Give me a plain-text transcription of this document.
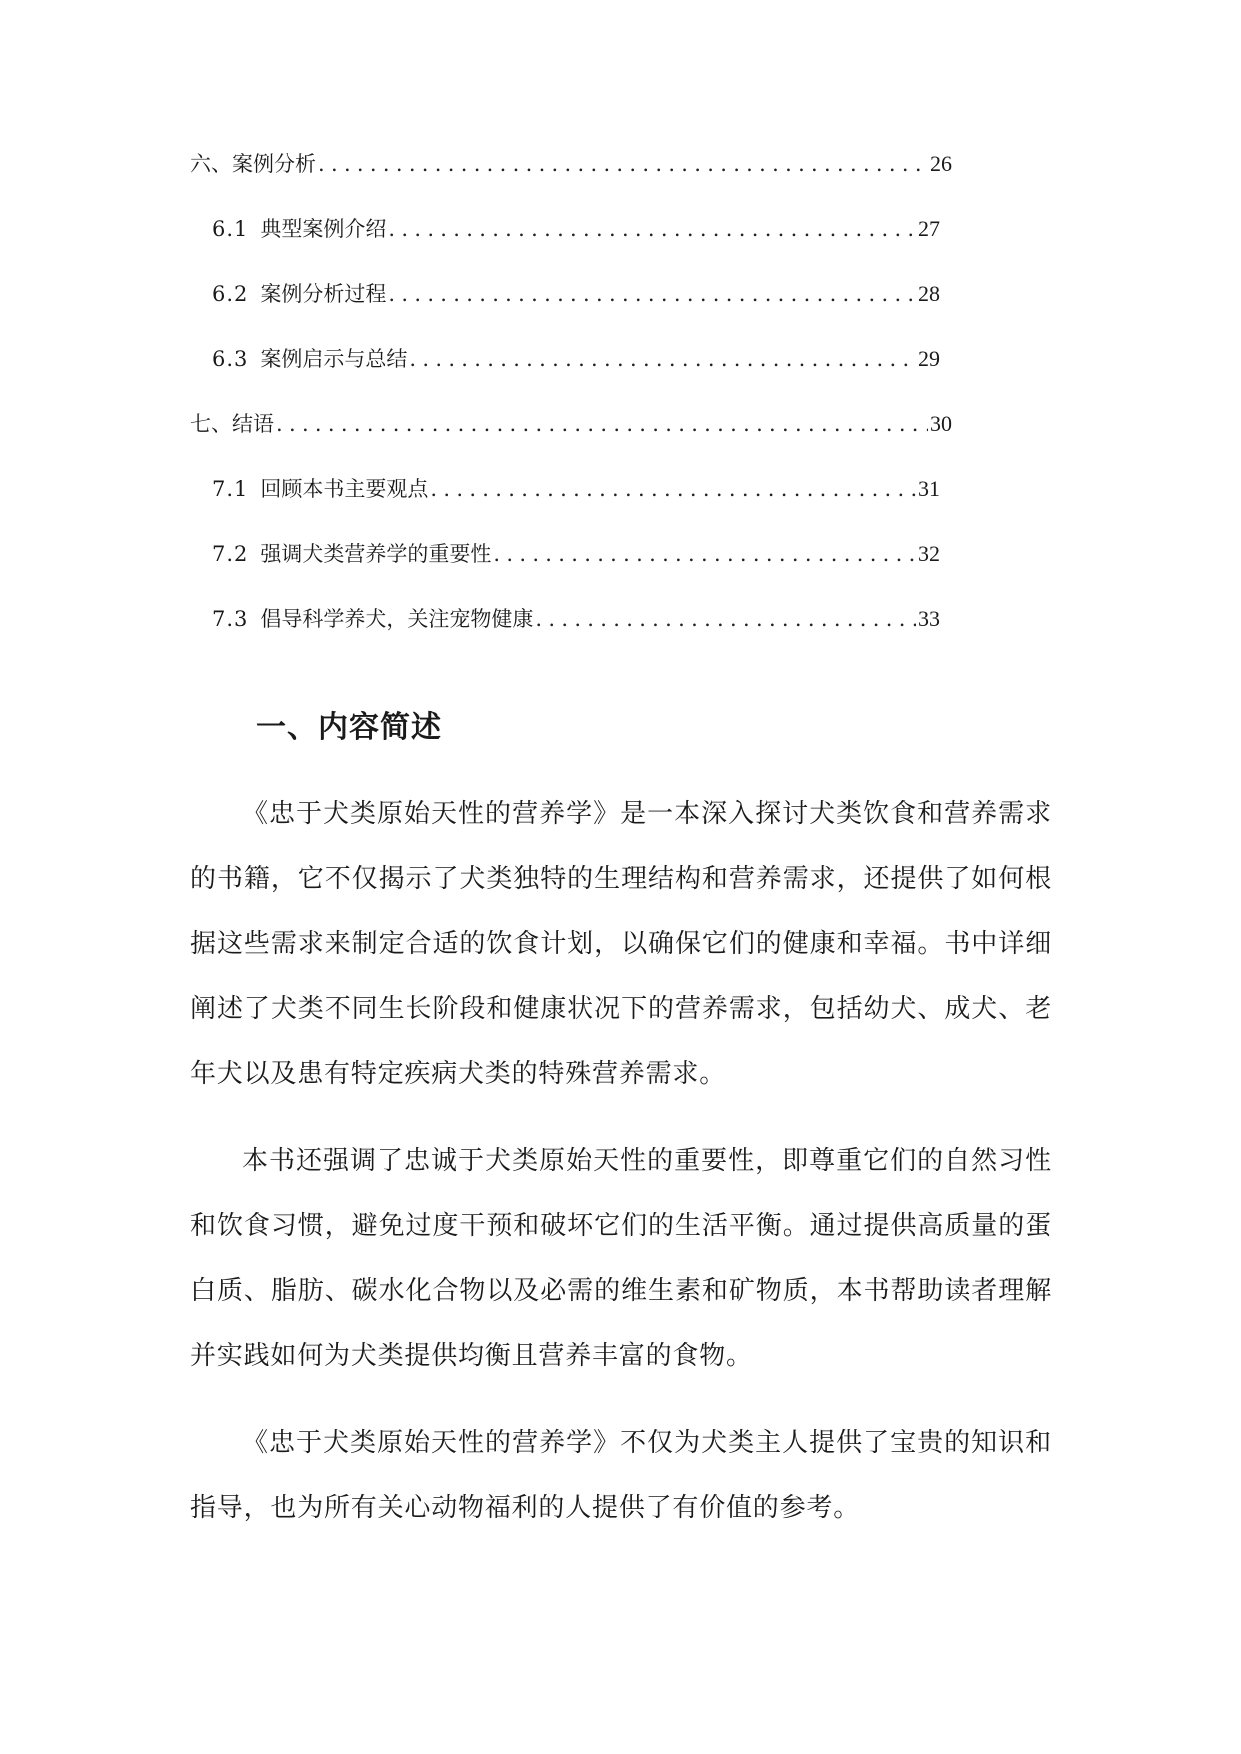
六、案例分析 .....	26
6.1 典型案例介绍 .....	27
6.2 案例分析过程 .....	28
6.3 案例启示与总结 .....	29
七、结语 .....	30
7.1 回顾本书主要观点 .....	31
7.2 强调犬类营养学的重要性 .....	32
7.3 倡导科学养犬，关注宠物健康 .....	33
一、内容简述

《忠于犬类原始天性的营养学》是一本深入探讨犬类饮食和营养需求的书籍，它不仅揭示了犬类独特的生理结构和营养需求，还提供了如何根据这些需求来制定合适的饮食计划，以确保它们的健康和幸福。书中详细阐述了犬类不同生长阶段和健康状况下的营养需求，包括幼犬、成犬、老年犬以及患有特定疾病犬类的特殊营养需求。

本书还强调了忠诚于犬类原始天性的重要性，即尊重它们的自然习性和饮食习惯，避免过度干预和破坏它们的生活平衡。通过提供高质量的蛋白质、脂肪、碳水化合物以及必需的维生素和矿物质，本书帮助读者理解并实践如何为犬类提供均衡且营养丰富的食物。

《忠于犬类原始天性的营养学》不仅为犬类主人提供了宝贵的知识和指导，也为所有关心动物福利的人提供了有价值的参考。
